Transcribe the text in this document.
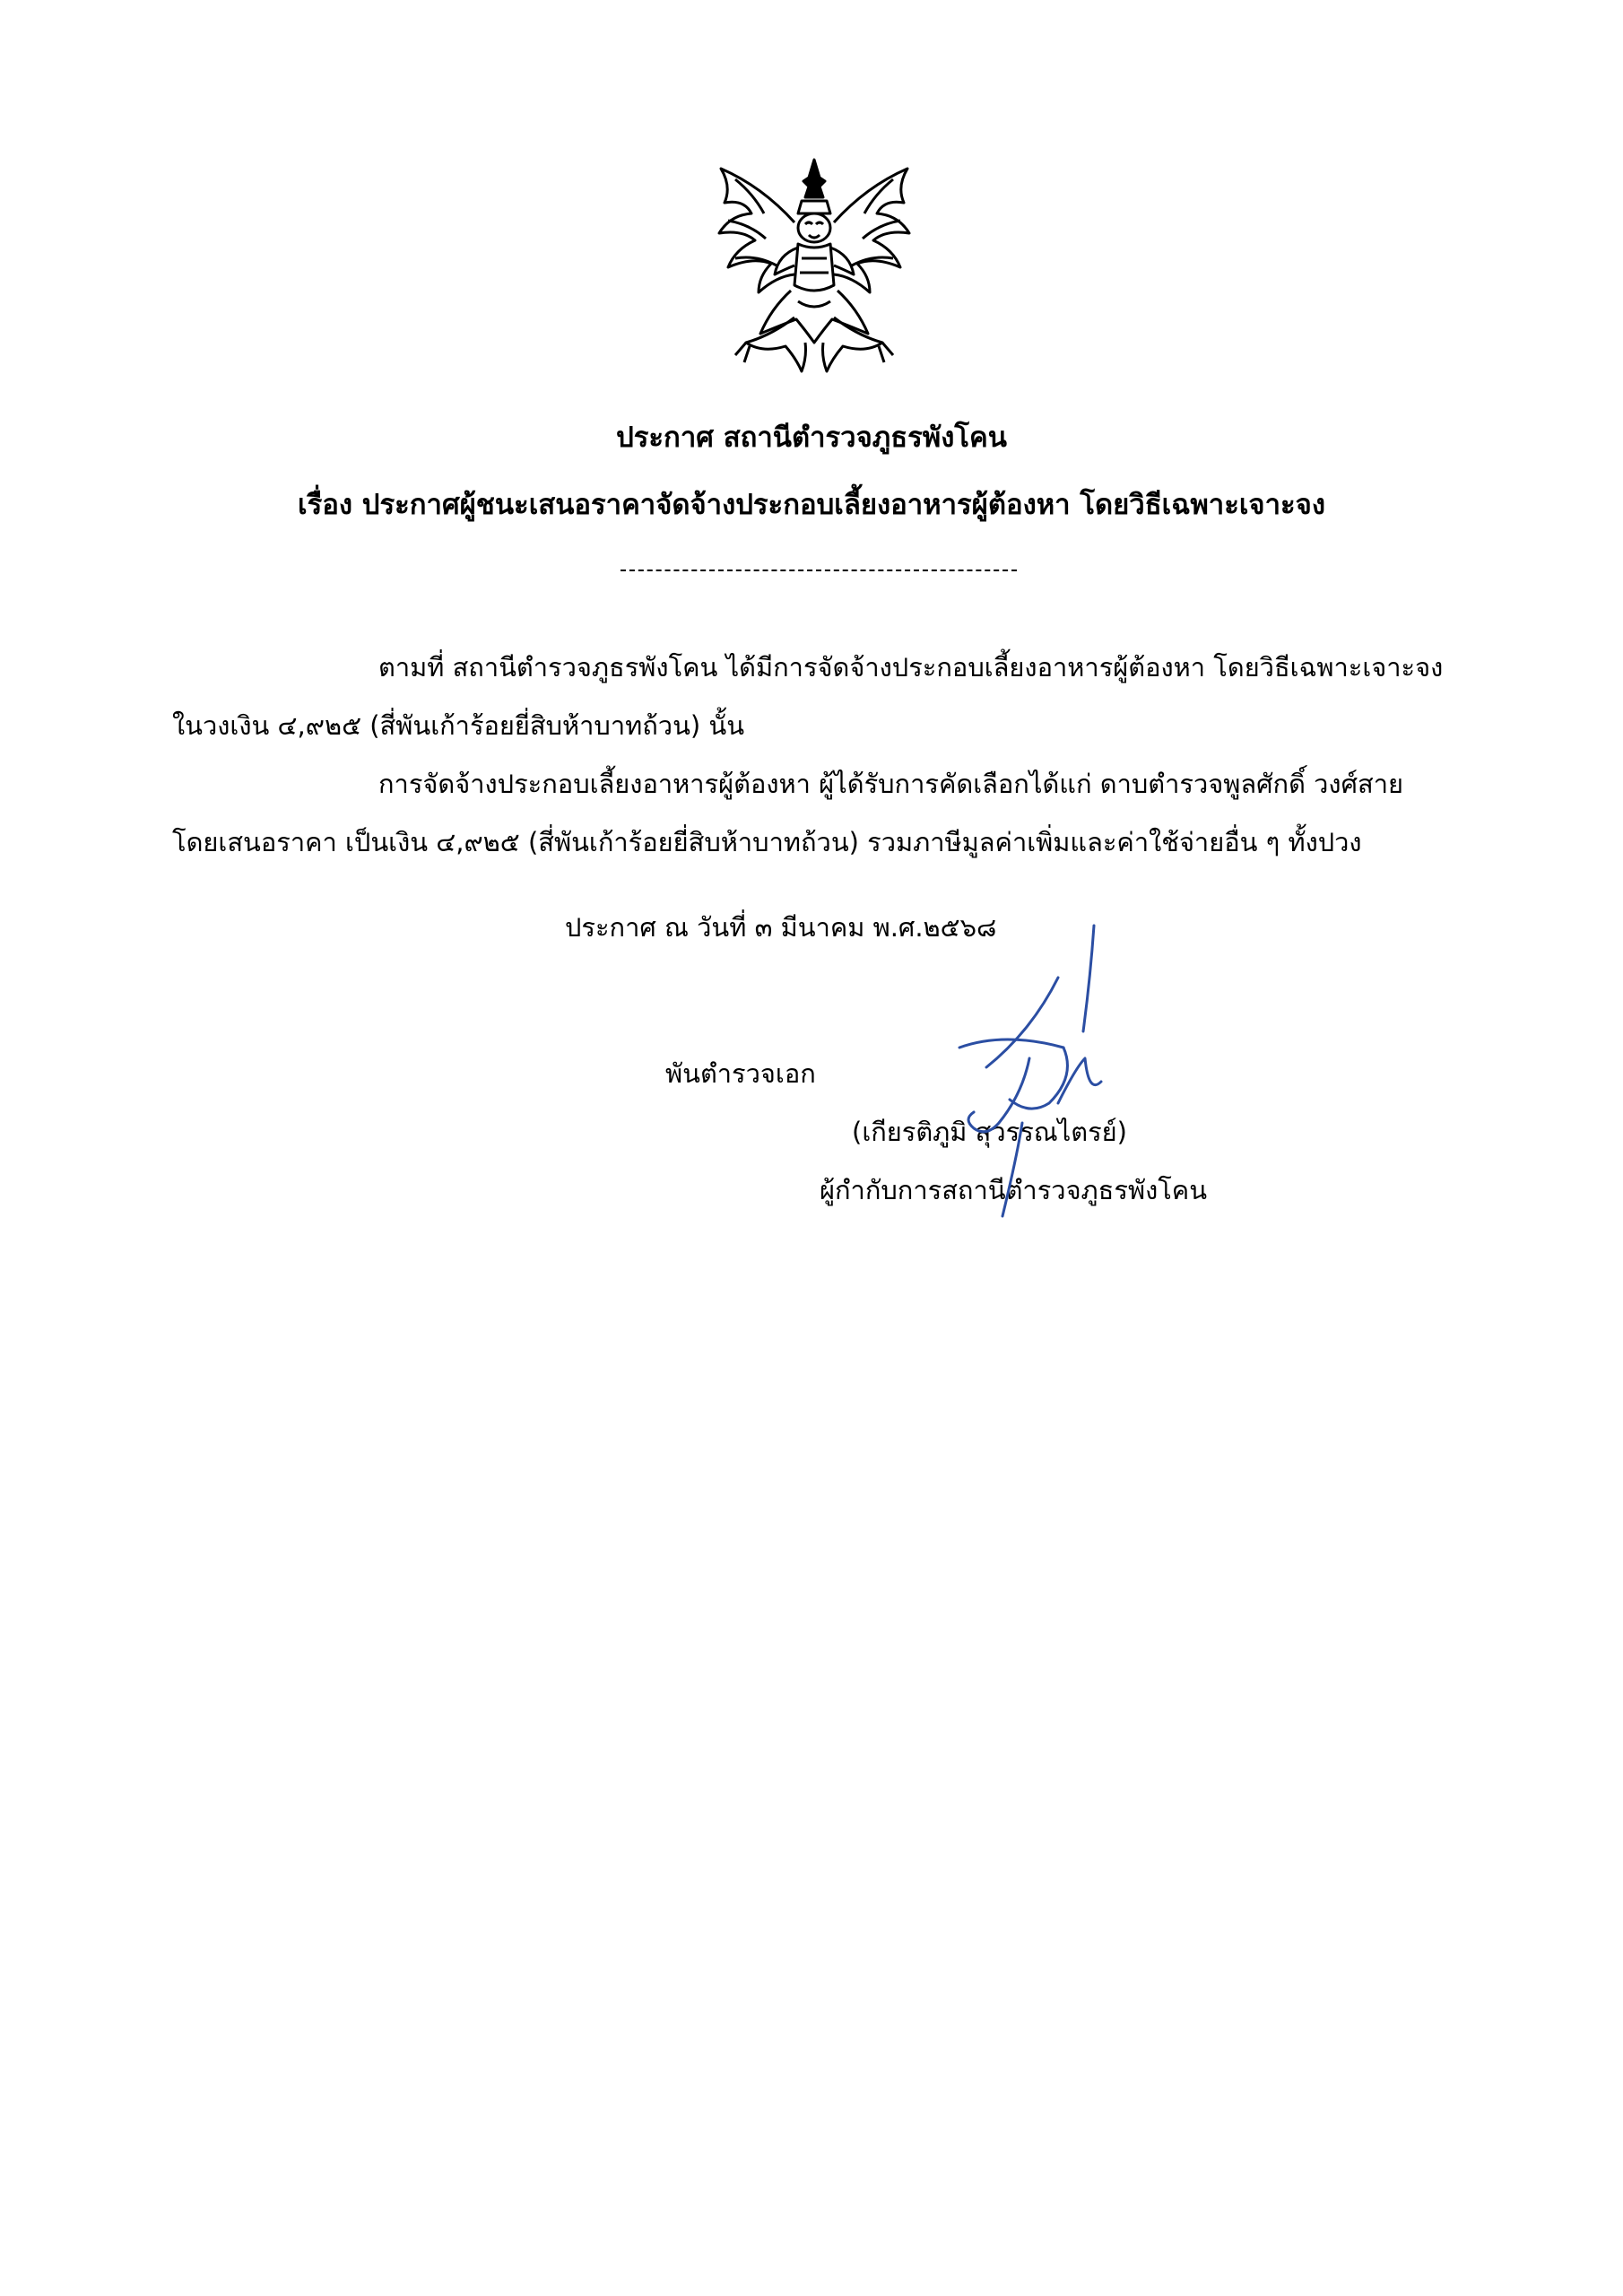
ประกาศ สถานีตำรวจภูธรพังโคน
เรื่อง ประกาศผู้ชนะเสนอราคาจัดจ้างประกอบเลี้ยงอาหารผู้ต้องหา โดยวิธีเฉพาะเจาะจง
ตามที่ สถานีตำรวจภูธรพังโคน ได้มีการจัดจ้างประกอบเลี้ยงอาหารผู้ต้องหา โดยวิธีเฉพาะเจาะจง
ในวงเงิน ๔,๙๒๕ (สี่พันเก้าร้อยยี่สิบห้าบาทถ้วน) นั้น
การจัดจ้างประกอบเลี้ยงอาหารผู้ต้องหา ผู้ได้รับการคัดเลือกได้แก่ ดาบตำรวจพูลศักดิ์ วงศ์สาย
โดยเสนอราคา เป็นเงิน ๔,๙๒๕ (สี่พันเก้าร้อยยี่สิบห้าบาทถ้วน) รวมภาษีมูลค่าเพิ่มและค่าใช้จ่ายอื่น ๆ ทั้งปวง
ประกาศ ณ วันที่ ๓ มีนาคม พ.ศ.๒๕๖๘
พันตำรวจเอก
(เกียรติภูมิ สุวรรณไตรย์)
ผู้กำกับการสถานีตำรวจภูธรพังโคน
